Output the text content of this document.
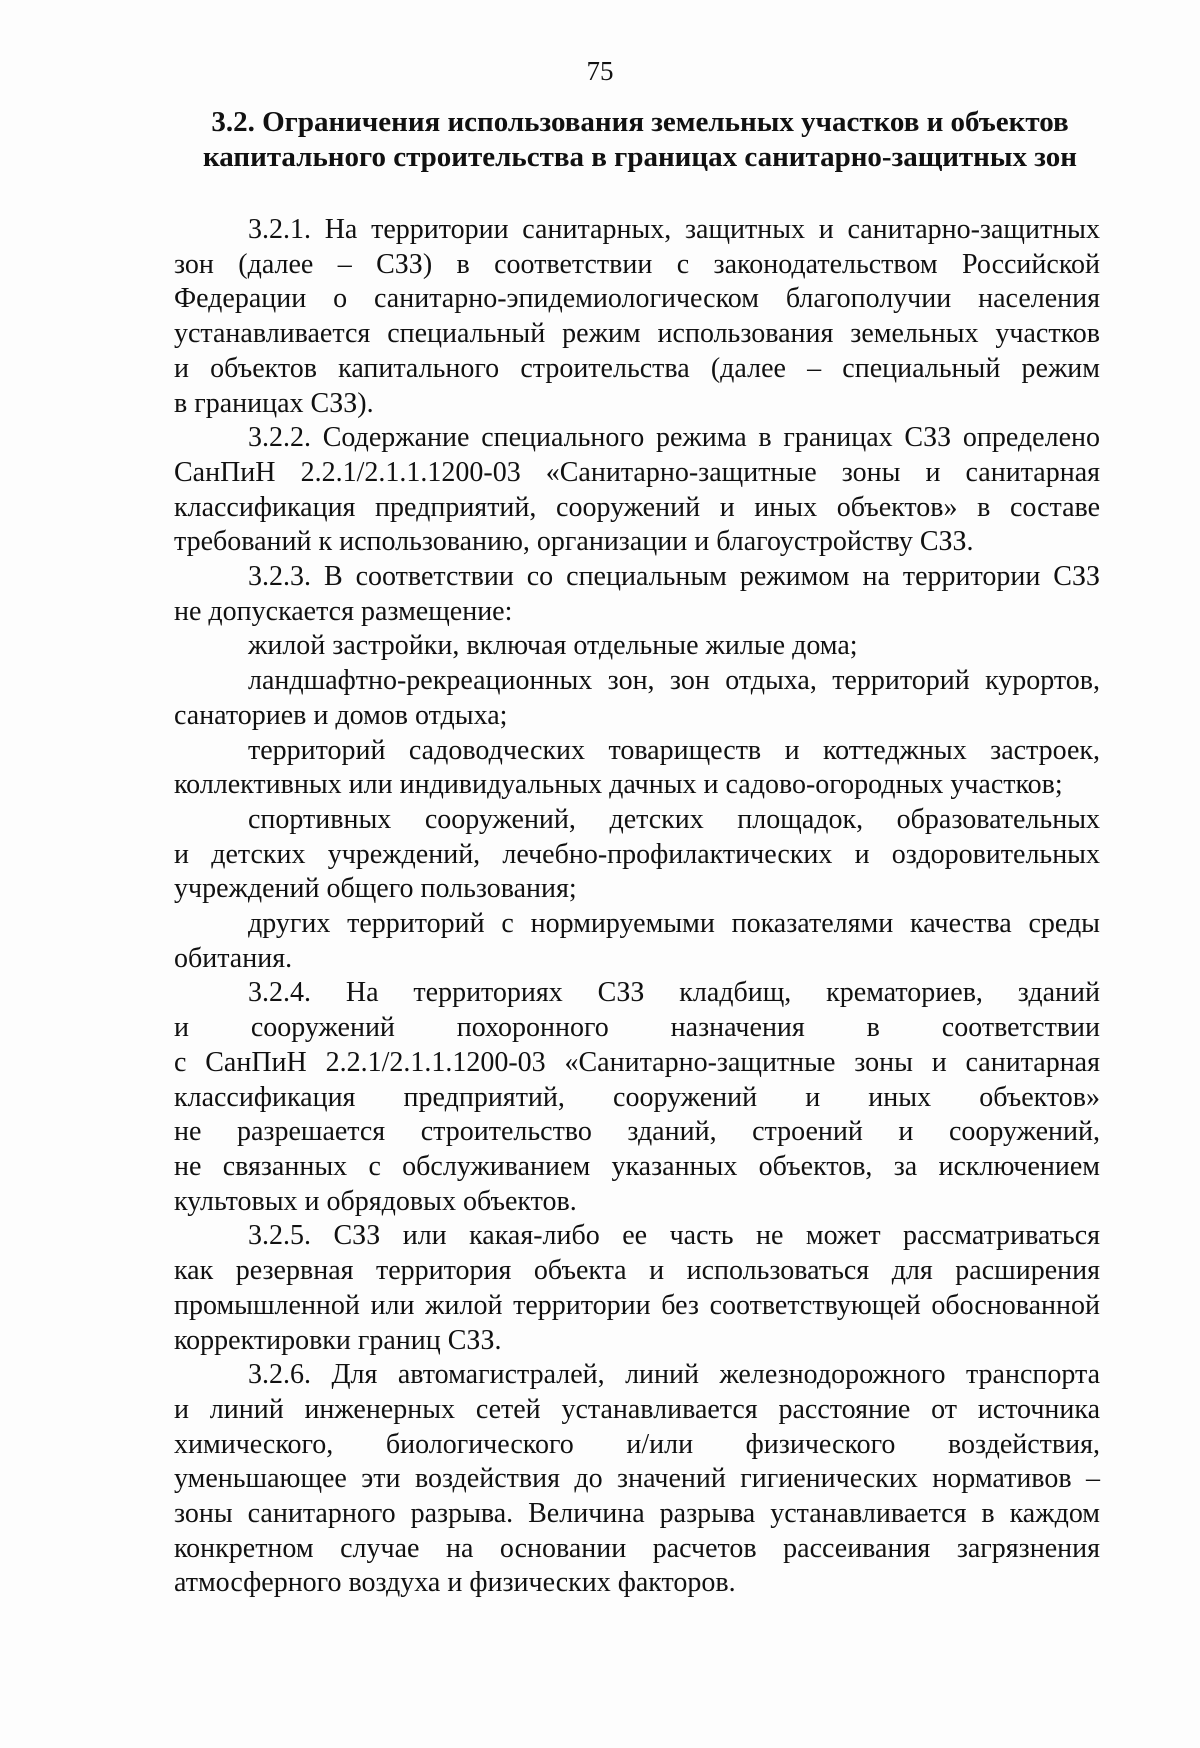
75
3.2. Ограничения использования земельных участков и объектов
капитального строительства в границах санитарно-защитных зон

3.2.1. На территории санитарных, защитных и санитарно-защитных
зон (далее – СЗЗ) в соответствии с законодательством Российской
Федерации о санитарно-эпидемиологическом благополучии населения
устанавливается специальный режим использования земельных участков
и объектов капитального строительства (далее – специальный режим
в границах СЗЗ).

3.2.2. Содержание специального режима в границах СЗЗ определено
СанПиН 2.2.1/2.1.1.1200-03 «Санитарно-защитные зоны и санитарная
классификация предприятий, сооружений и иных объектов» в составе
требований к использованию, организации и благоустройству СЗЗ.

3.2.3. В соответствии со специальным режимом на территории СЗЗ
не допускается размещение:

жилой застройки, включая отдельные жилые дома;

ландшафтно-рекреационных зон, зон отдыха, территорий курортов,
санаториев и домов отдыха;

территорий садоводческих товариществ и коттеджных застроек,
коллективных или индивидуальных дачных и садово-огородных участков;

спортивных сооружений, детских площадок, образовательных
и детских учреждений, лечебно-профилактических и оздоровительных
учреждений общего пользования;

других территорий с нормируемыми показателями качества среды
обитания.

3.2.4. На территориях СЗЗ кладбищ, крематориев, зданий
и сооружений похоронного назначения в соответствии
с СанПиН 2.2.1/2.1.1.1200-03 «Санитарно-защитные зоны и санитарная
классификация предприятий, сооружений и иных объектов»
не разрешается строительство зданий, строений и сооружений,
не связанных с обслуживанием указанных объектов, за исключением
культовых и обрядовых объектов.

3.2.5. СЗЗ или какая-либо ее часть не может рассматриваться
как резервная территория объекта и использоваться для расширения
промышленной или жилой территории без соответствующей обоснованной
корректировки границ СЗЗ.

3.2.6. Для автомагистралей, линий железнодорожного транспорта
и линий инженерных сетей устанавливается расстояние от источника
химического, биологического и/или физического воздействия,
уменьшающее эти воздействия до значений гигиенических нормативов –
зоны санитарного разрыва. Величина разрыва устанавливается в каждом
конкретном случае на основании расчетов рассеивания загрязнения
атмосферного воздуха и физических факторов.
